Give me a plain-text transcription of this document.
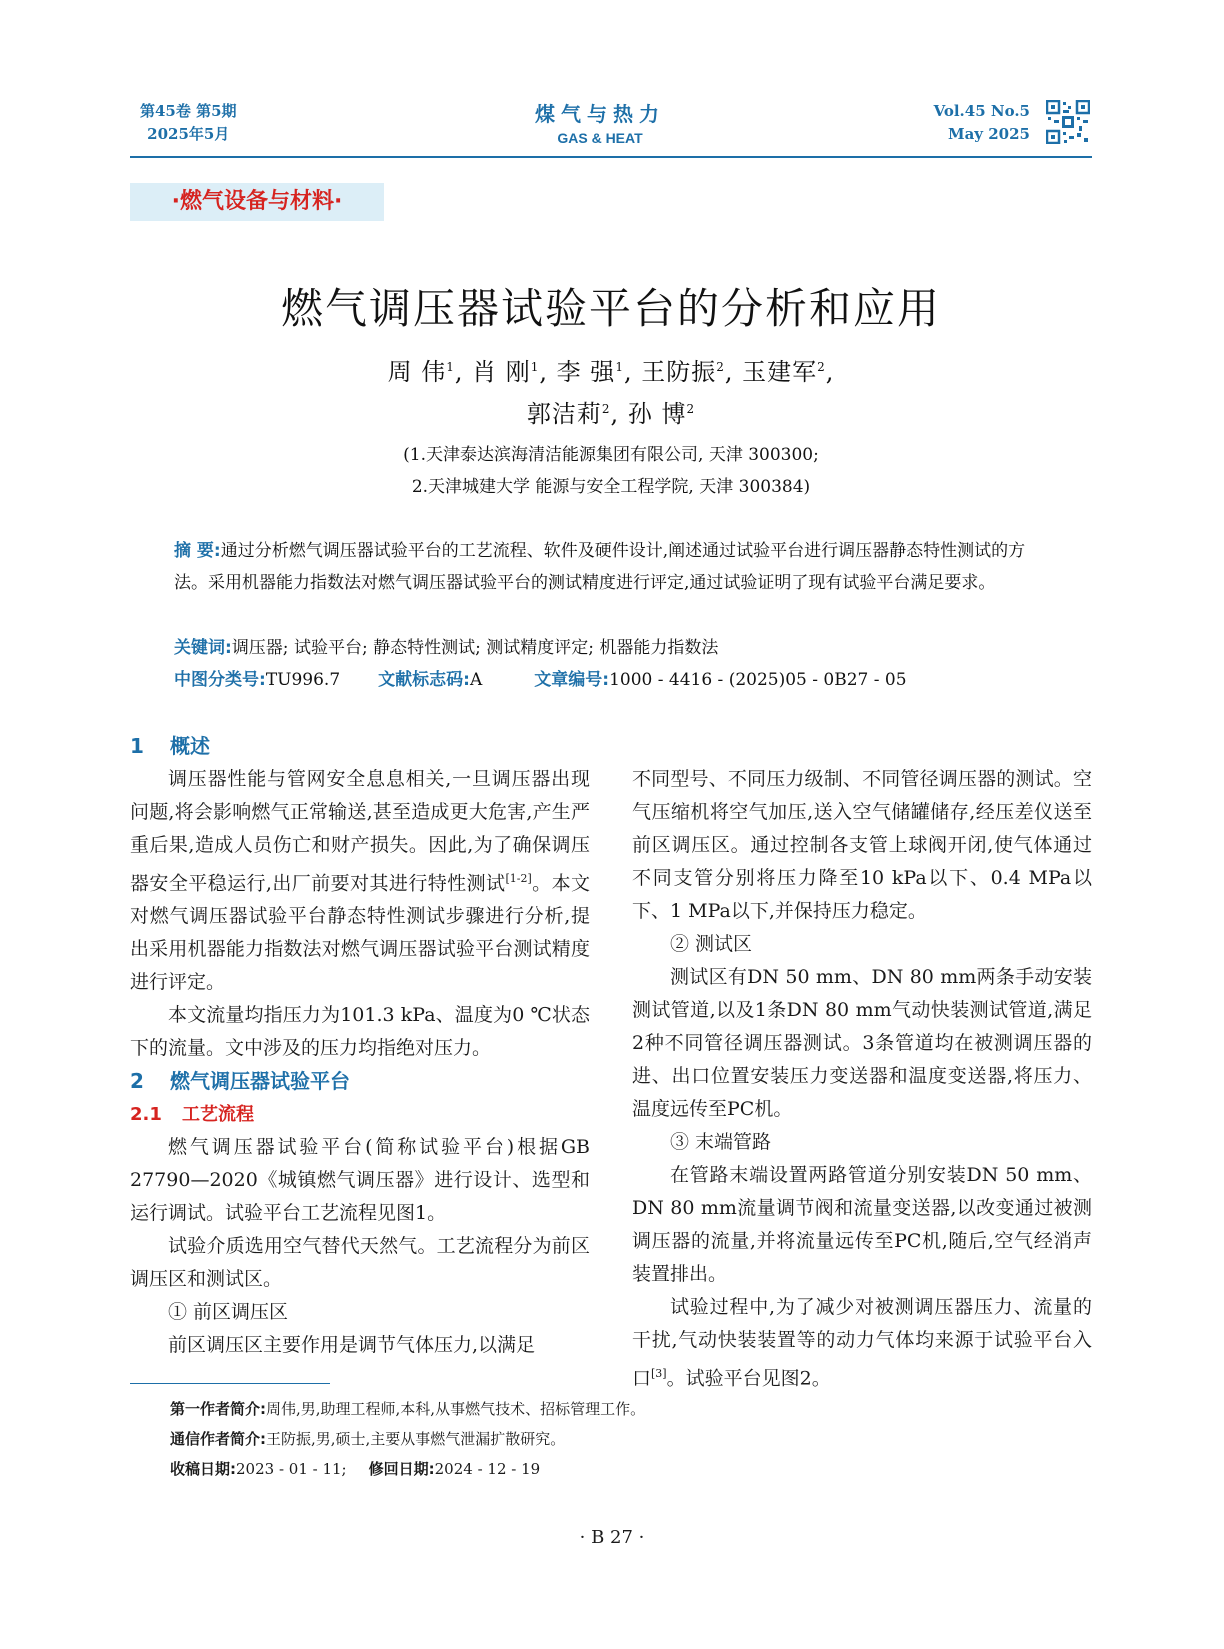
第45卷 第5期
2025年5月
煤气与热力
GAS & HEAT
Vol.45 No.5
May 2025
·燃气设备与材料·
燃气调压器试验平台的分析和应用
周 伟$^1$, 肖 刚$^1$, 李 强$^1$, 王防振$^2$, 玉建军$^2$,
郭洁莉$^2$, 孙 博$^2$
(1.天津泰达滨海清洁能源集团有限公司, 天津 300300;
2.天津城建大学 能源与安全工程学院, 天津 300384)
摘 要:通过分析燃气调压器试验平台的工艺流程、软件及硬件设计,阐述通过试验平台进行调压器静态特性测试的方法。采用机器能力指数法对燃气调压器试验平台的测试精度进行评定,通过试验证明了现有试验平台满足要求。
关键词:调压器; 试验平台; 静态特性测试; 测试精度评定; 机器能力指数法
中图分类号:TU996.7 文献标志码:A	文章编号:1000 - 4416 - (2025)05 - 0B27 - 05
1 概述

调压器性能与管网安全息息相关,一旦调压器出现问题,将会影响燃气正常输送,甚至造成更大危害,产生严重后果,造成人员伤亡和财产损失。因此,为了确保调压器安全平稳运行,出厂前要对其进行特性测试[1-2]。本文对燃气调压器试验平台静态特性测试步骤进行分析,提出采用机器能力指数法对燃气调压器试验平台测试精度进行评定。

本文流量均指压力为101.3 kPa、温度为0 ℃状态下的流量。文中涉及的压力均指绝对压力。

2 燃气调压器试验平台
2.1 工艺流程

燃气调压器试验平台(简称试验平台)根据GB 27790—2020《城镇燃气调压器》进行设计、选型和运行调试。试验平台工艺流程见图1。

试验介质选用空气替代天然气。工艺流程分为前区调压区和测试区。

① 前区调压区

前区调压区主要作用是调节气体压力,以满足

不同型号、不同压力级制、不同管径调压器的测试。空气压缩机将空气加压,送入空气储罐储存,经压差仪送至前区调压区。通过控制各支管上球阀开闭,使气体通过不同支管分别将压力降至10 kPa以下、0.4 MPa以下、1 MPa以下,并保持压力稳定。

② 测试区

测试区有DN 50 mm、DN 80 mm两条手动安装测试管道,以及1条DN 80 mm气动快装测试管道,满足2种不同管径调压器测试。3条管道均在被测调压器的进、出口位置安装压力变送器和温度变送器,将压力、温度远传至PC机。

③ 末端管路

在管路末端设置两路管道分别安装DN 50 mm、DN 80 mm流量调节阀和流量变送器,以改变通过被测调压器的流量,并将流量远传至PC机,随后,空气经消声装置排出。

试验过程中,为了减少对被测调压器压力、流量的干扰,气动快装装置等的动力气体均来源于试验平台入口[3]。试验平台见图2。

第一作者简介:周伟,男,助理工程师,本科,从事燃气技术、招标管理工作。
通信作者简介:王防振,男,硕士,主要从事燃气泄漏扩散研究。
收稿日期:2023 - 01 - 11; 修回日期:2024 - 12 - 19
· B 27 ·
